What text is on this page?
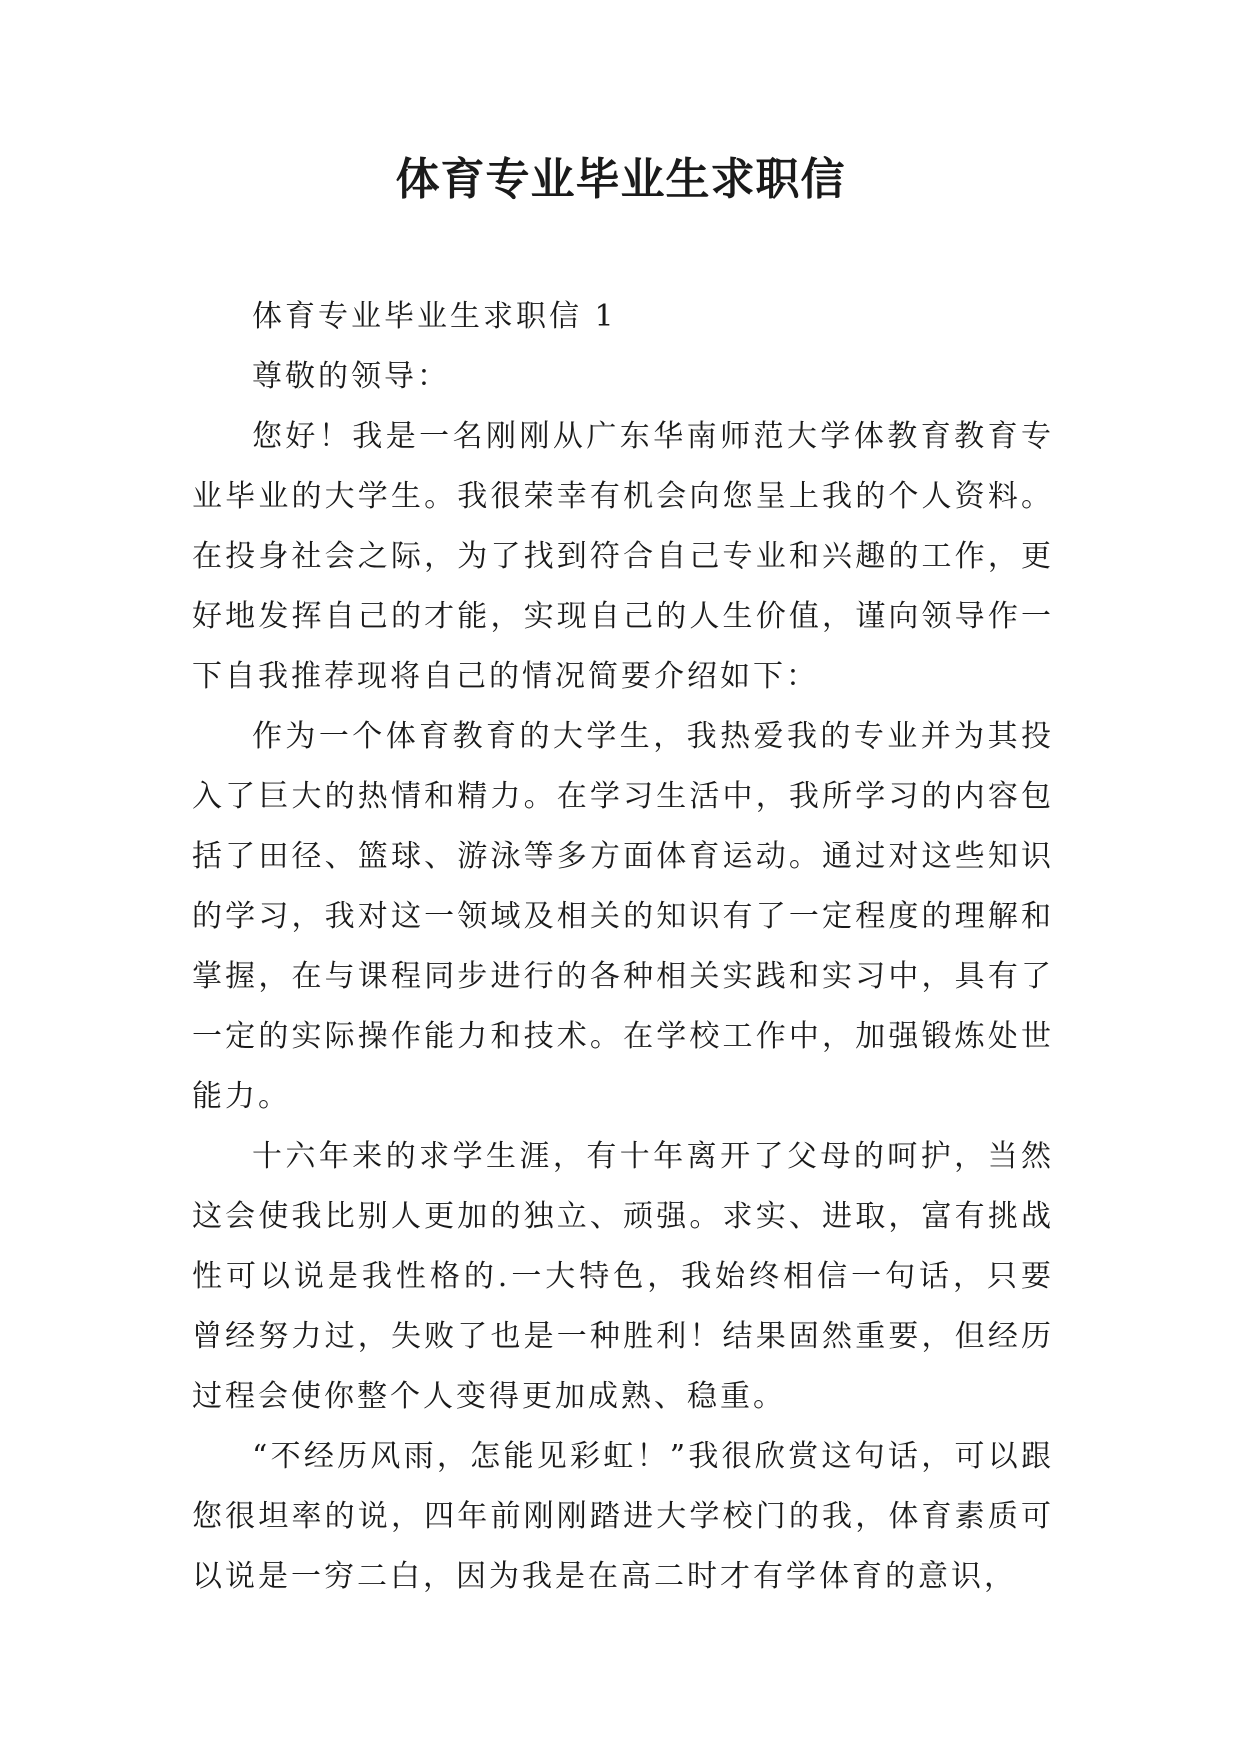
体育专业毕业生求职信

体育专业毕业生求职信 1

尊敬的领导：

您好！我是一名刚刚从广东华南师范大学体教育教育专业毕业的大学生。我很荣幸有机会向您呈上我的个人资料。在投身社会之际，为了找到符合自己专业和兴趣的工作，更好地发挥自己的才能，实现自己的人生价值，谨向领导作一下自我推荐现将自己的情况简要介绍如下：

作为一个体育教育的大学生，我热爱我的专业并为其投入了巨大的热情和精力。在学习生活中，我所学习的内容包括了田径、篮球、游泳等多方面体育运动。通过对这些知识的学习，我对这一领域及相关的知识有了一定程度的理解和掌握，在与课程同步进行的各种相关实践和实习中，具有了一定的实际操作能力和技术。在学校工作中，加强锻炼处世能力。

十六年来的求学生涯，有十年离开了父母的呵护，当然这会使我比别人更加的独立、顽强。求实、进取，富有挑战性可以说是我性格的.一大特色，我始终相信一句话，只要曾经努力过，失败了也是一种胜利！结果固然重要，但经历过程会使你整个人变得更加成熟、稳重。

“不经历风雨，怎能见彩虹！”我很欣赏这句话，可以跟您很坦率的说，四年前刚刚踏进大学校门的我，体育素质可以说是一穷二白，因为我是在高二时才有学体育的意识，
